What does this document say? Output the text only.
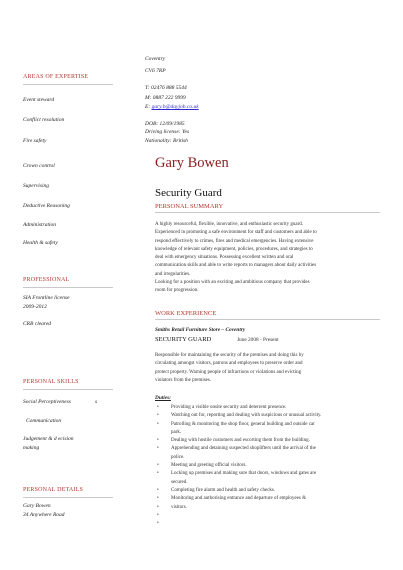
Coventry
CV6 7RP
T: 02476 888 5544
M: 0887 222 9999
E: gary.b@dayjob.co.uk
DOB: 12/09/1985
Driving license: Yes
Nationality: British
AREAS OF EXPERTISE
Event steward
Conflict resolution
Fire safety
Crown control
Supervising
Deductive Reasoning
Administration
Health & safety
PROFESSIONAL
SIA Frontline license
2009-2012
CRB cleared
PERSONAL SKILLS
Social Perceptiveness	s
Communication
Judgement & d ecision
making
PERSONAL DETAILS
Gary Bowen
34 Anywhere Road
Gary Bowen
Security Guard
PERSONAL SUMMARY
A highly resourceful, flexible, innovative, and enthusiastic security guard.
Experienced in promoting a safe environment for staff and customers and able to
respond effectively to crimes, fires and medical emergencies. Having extensive
knowledge of relevant safety equipment, policies, procedures, and strategies to
deal with emergency situations. Possessing excellent written and oral
communication skills and able to write reports to managers about daily activities
and irregularities.
Looking for a position with an exciting and ambitious company that provides
room for progression.
WORK EXPERIENCE
Smiths Retail Furniture Store – Coventry
SECURITY GUARD	June 2008 - Present
Responsible for maintaining the security of the premises and doing this by
circulating amongst visitors, patrons and employees to preserve order and
protect property. Warning people of infractions or violations and evicting
violators from the premises.
Duties:
• Providing a visible onsite security and deterrent presence.
• Watching out for, reporting and dealing with suspicious or unusual activity.
• Patrolling & monitoring the shop floor, general building and outside car
park.
• Dealing with hostile customers and escorting them from the building.
• Apprehending and detaining suspected shoplifters until the arrival of the
police.
• Meeting and greeting official visitors.
• Locking up premises and making sure that doors, windows and gates are
secured.
• Completing fire alarm and health and safety checks.
• Monitoring and authorising entrance and departure of employees &
• visitors.
•
•
